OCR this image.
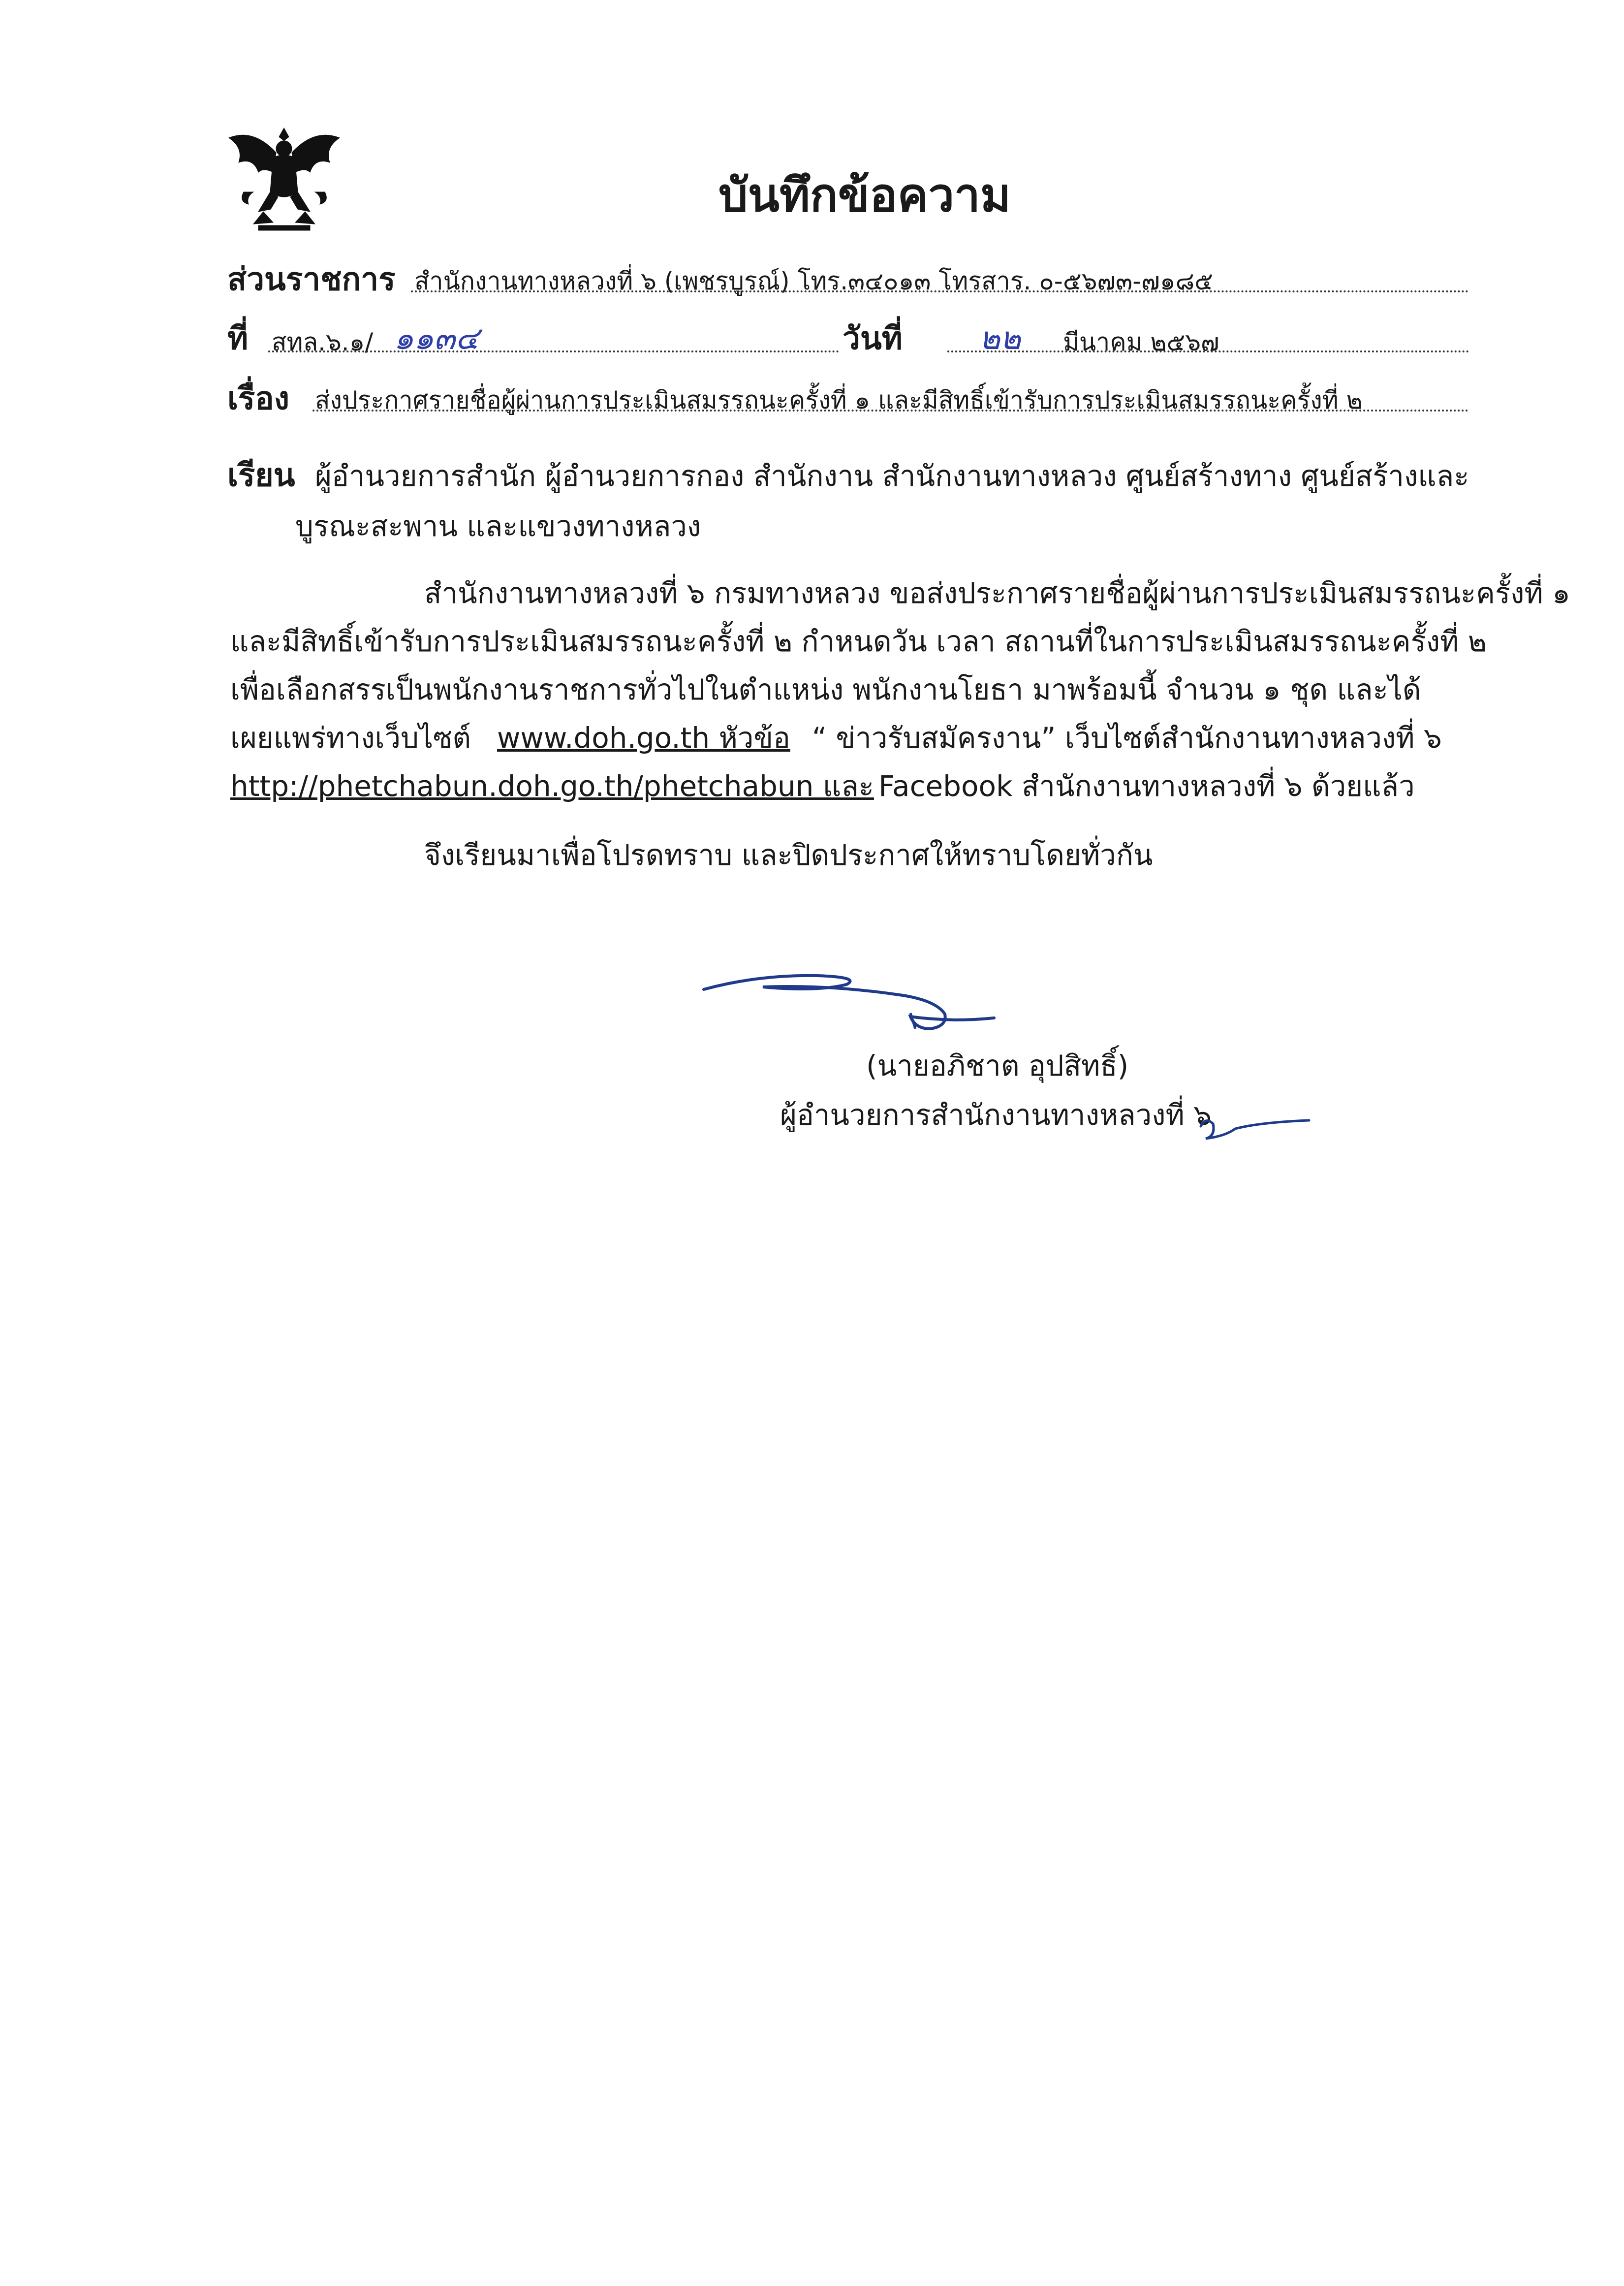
บันทึกข้อความ
ส่วนราชการ สำนักงานทางหลวงที่ ๖ (เพชรบูรณ์) โทร.๓๔๐๑๓ โทรสาร. ๐-๕๖๗๓-๗๑๘๕
ที่ สทล.๖.๑/ ๑๑๓๔	วันที่ ๒๒ มีนาคม ๒๕๖๗
เรื่อง ส่งประกาศรายชื่อผู้ผ่านการประเมินสมรรถนะครั้งที่ ๑ และมีสิทธิ์เข้ารับการประเมินสมรรถนะครั้งที่ ๒
เรียน ผู้อำนวยการสำนัก ผู้อำนวยการกอง สำนักงาน สำนักงานทางหลวง ศูนย์สร้างทาง ศูนย์สร้างและ
บูรณะสะพาน และแขวงทางหลวง
สำนักงานทางหลวงที่ ๖ กรมทางหลวง ขอส่งประกาศรายชื่อผู้ผ่านการประเมินสมรรถนะครั้งที่ ๑
และมีสิทธิ์เข้ารับการประเมินสมรรถนะครั้งที่ ๒ กำหนดวัน เวลา สถานที่ในการประเมินสมรรถนะครั้งที่ ๒
เพื่อเลือกสรรเป็นพนักงานราชการทั่วไปในตำแหน่ง พนักงานโยธา มาพร้อมนี้ จำนวน ๑ ชุด และได้
เผยแพร่ทางเว็บไซต์ www.doh.go.th หัวข้อ “ ข่าวรับสมัครงาน” เว็บไซต์สำนักงานทางหลวงที่ ๖
http://phetchabun.doh.go.th/phetchabun และ Facebook สำนักงานทางหลวงที่ ๖ ด้วยแล้ว
จึงเรียนมาเพื่อโปรดทราบ และปิดประกาศให้ทราบโดยทั่วกัน
(นายอภิชาต อุปสิทธิ์)
ผู้อำนวยการสำนักงานทางหลวงที่ ๖
